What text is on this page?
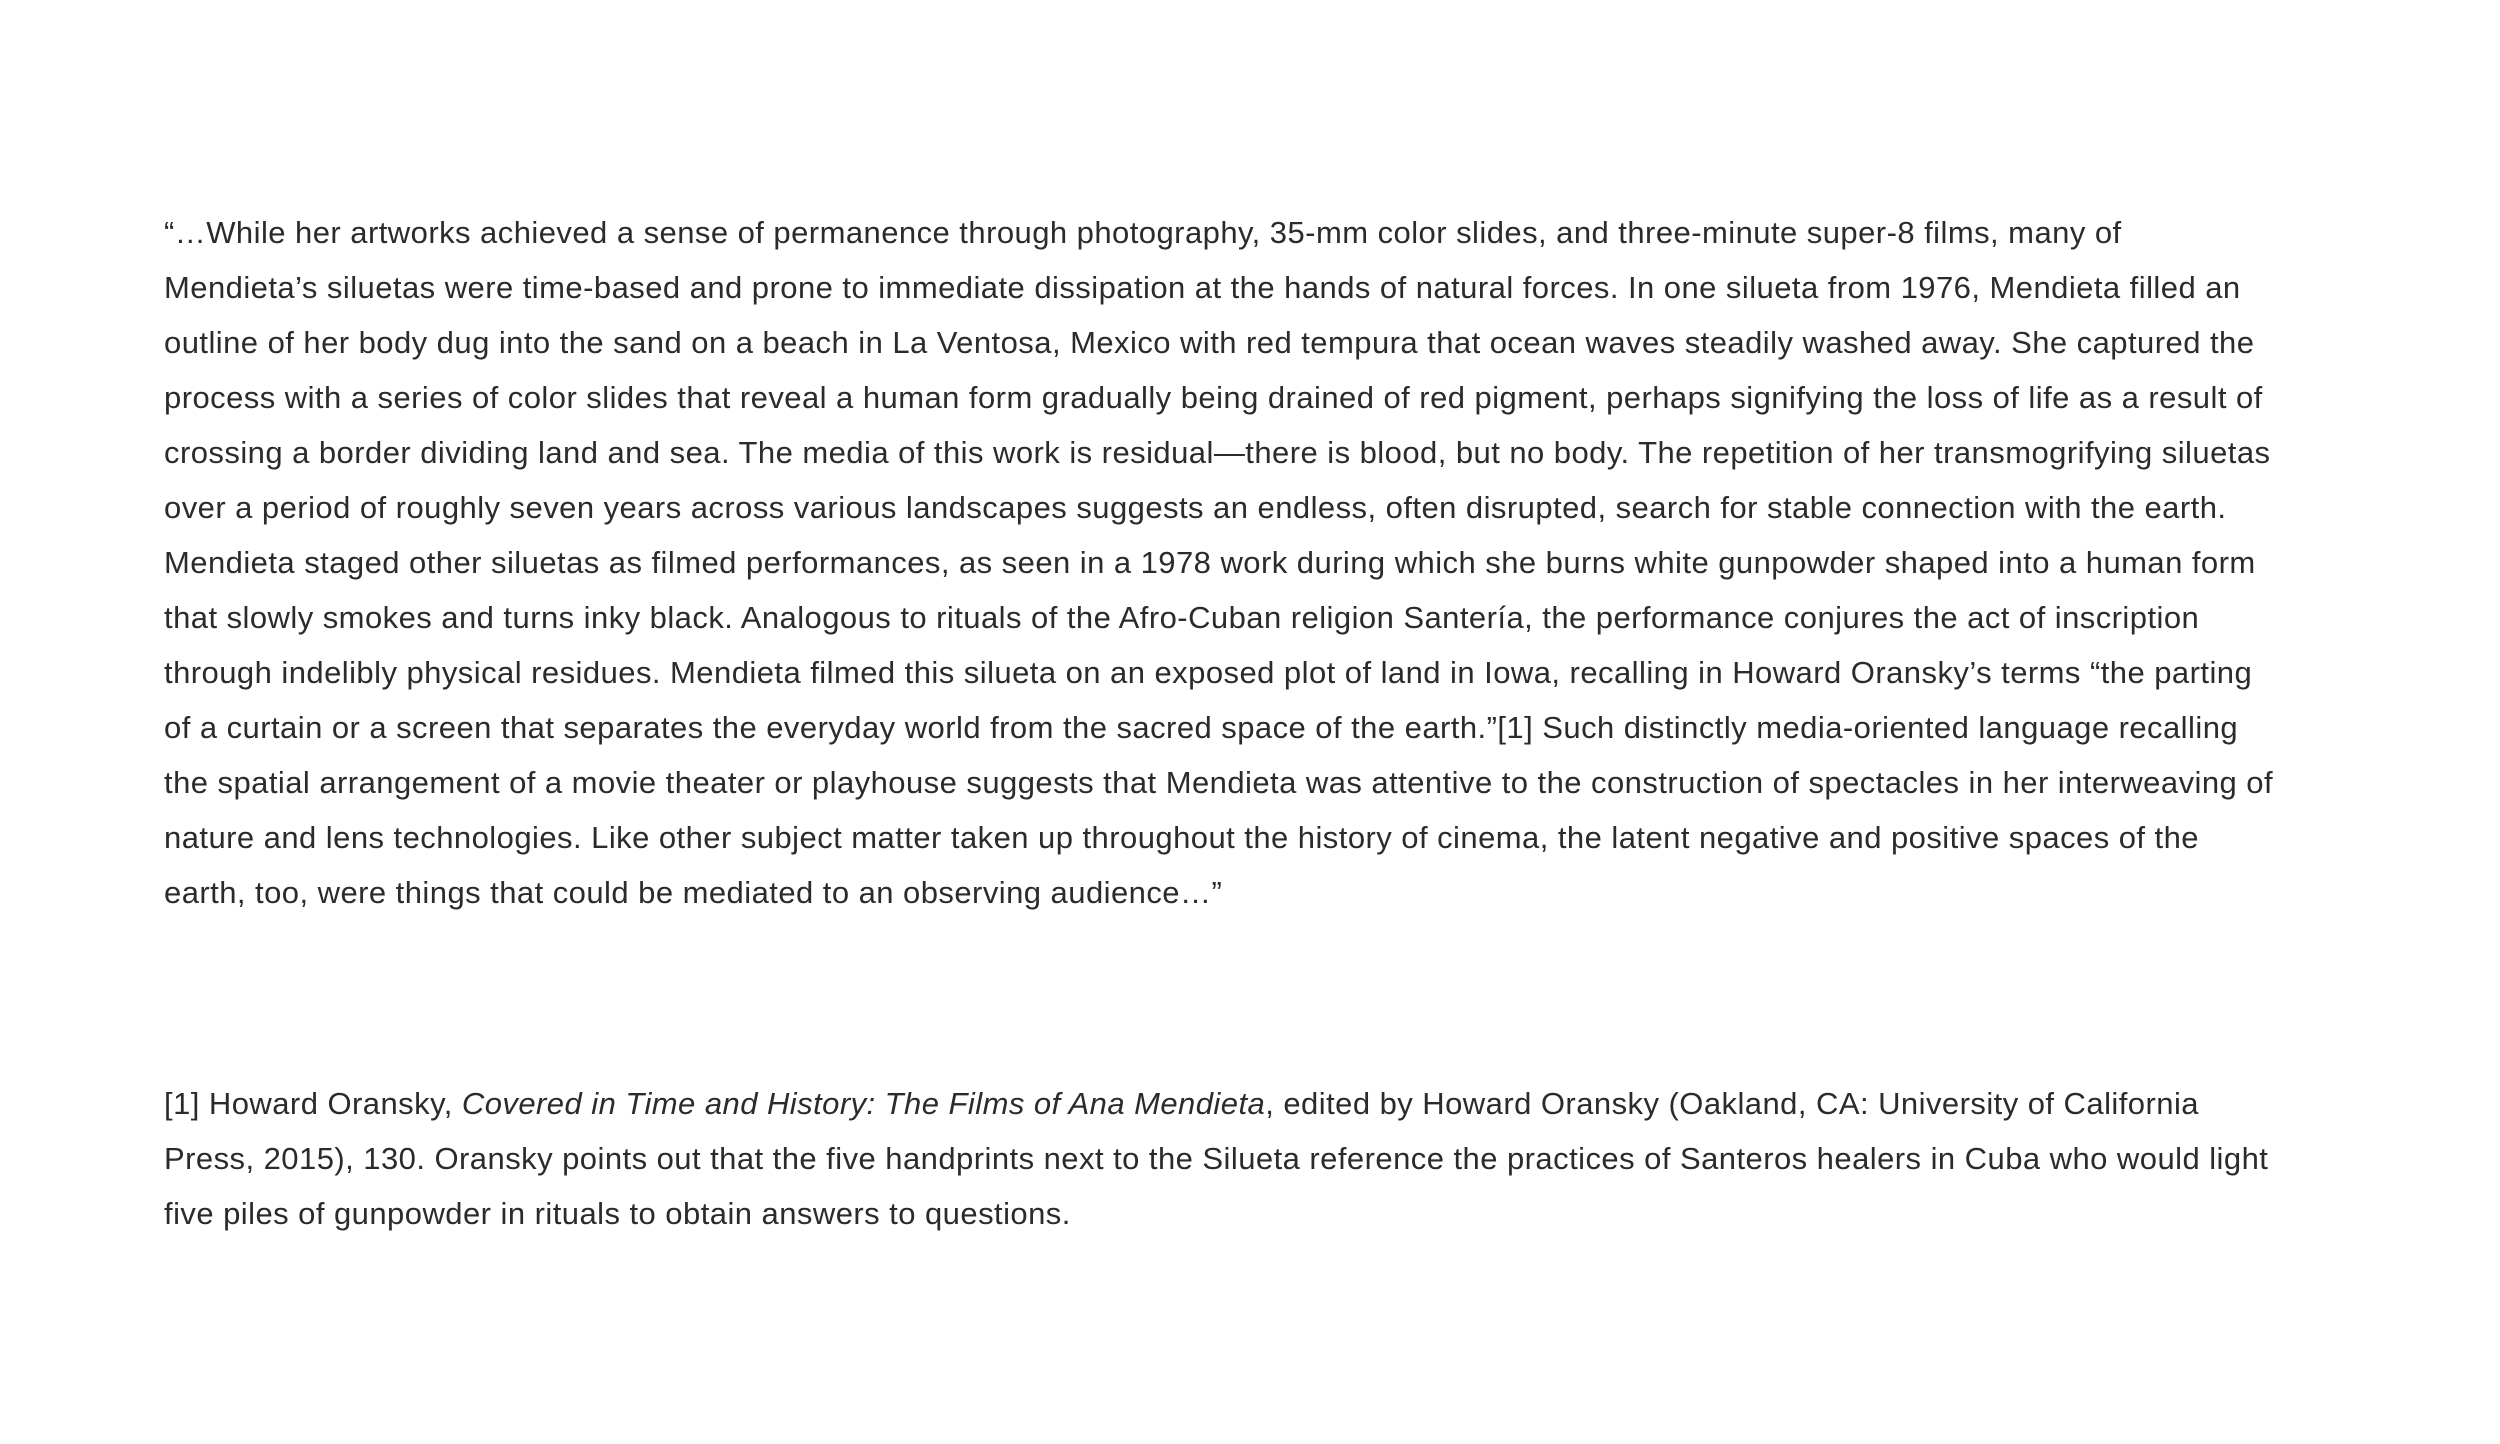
“…While her artworks achieved a sense of permanence through photography, 35-mm color slides, and three-minute super-8 films, many of Mendieta’s siluetas were time-based and prone to immediate dissipation at the hands of natural forces. In one silueta from 1976, Mendieta filled an outline of her body dug into the sand on a beach in La Ventosa, Mexico with red tempura that ocean waves steadily washed away. She captured the process with a series of color slides that reveal a human form gradually being drained of red pigment, perhaps signifying the loss of life as a result of crossing a border dividing land and sea. The media of this work is residual—there is blood, but no body. The repetition of her transmogrifying siluetas over a period of roughly seven years across various landscapes suggests an endless, often disrupted, search for stable connection with the earth. Mendieta staged other siluetas as filmed performances, as seen in a 1978 work during which she burns white gunpowder shaped into a human form that slowly smokes and turns inky black. Analogous to rituals of the Afro-Cuban religion Santería, the performance conjures the act of inscription through indelibly physical residues. Mendieta filmed this silueta on an exposed plot of land in Iowa, recalling in Howard Oransky’s terms “the parting of a curtain or a screen that separates the everyday world from the sacred space of the earth.”[1] Such distinctly media-oriented language recalling the spatial arrangement of a movie theater or playhouse suggests that Mendieta was attentive to the construction of spectacles in her interweaving of nature and lens technologies. Like other subject matter taken up throughout the history of cinema, the latent negative and positive spaces of the earth, too, were things that could be mediated to an observing audience…”

[1] Howard Oransky, Covered in Time and History: The Films of Ana Mendieta, edited by Howard Oransky (Oakland, CA: University of California Press, 2015), 130. Oransky points out that the five handprints next to the Silueta reference the practices of Santeros healers in Cuba who would light five piles of gunpowder in rituals to obtain answers to questions.
